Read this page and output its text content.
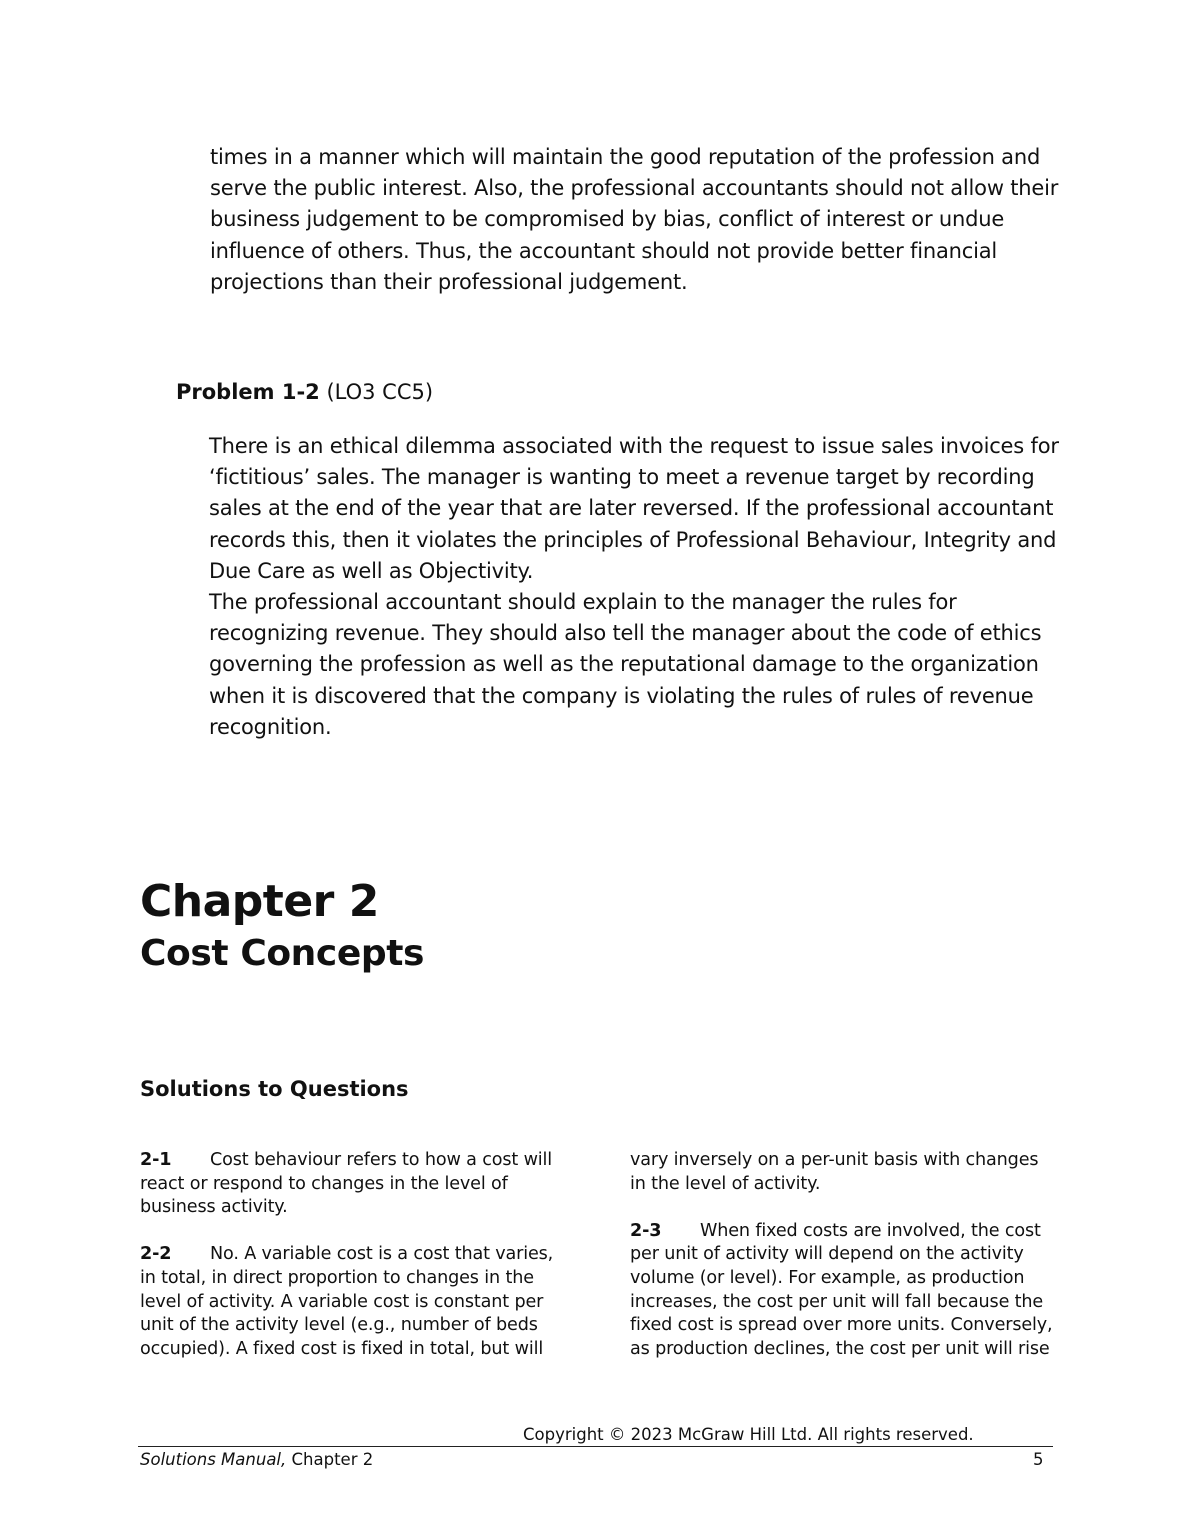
times in a manner which will maintain the good reputation of the profession and serve the public interest. Also, the professional accountants should not allow their business judgement to be compromised by bias, conflict of interest or undue influence of others. Thus, the accountant should not provide better financial projections than their professional judgement.
Problem 1-2 (LO3 CC5)

There is an ethical dilemma associated with the request to issue sales invoices for ‘fictitious’ sales. The manager is wanting to meet a revenue target by recording sales at the end of the year that are later reversed. If the professional accountant records this, then it violates the principles of Professional Behaviour, Integrity and Due Care as well as Objectivity.

The professional accountant should explain to the manager the rules for recognizing revenue. They should also tell the manager about the code of ethics governing the profession as well as the reputational damage to the organization when it is discovered that the company is violating the rules of rules of revenue recognition.

Chapter 2
Cost Concepts
Solutions to Questions

2-1 Cost behaviour refers to how a cost will react or respond to changes in the level of business activity.

2-2 No. A variable cost is a cost that varies, in total, in direct proportion to changes in the level of activity. A variable cost is constant per unit of the activity level (e.g., number of beds occupied). A fixed cost is fixed in total, but will

vary inversely on a per-unit basis with changes in the level of activity.

2-3 When fixed costs are involved, the cost per unit of activity will depend on the activity volume (or level). For example, as production increases, the cost per unit will fall because the fixed cost is spread over more units. Conversely, as production declines, the cost per unit will rise

Copyright © 2023 McGraw Hill Ltd. All rights reserved.
Solutions Manual, Chapter 2	5
